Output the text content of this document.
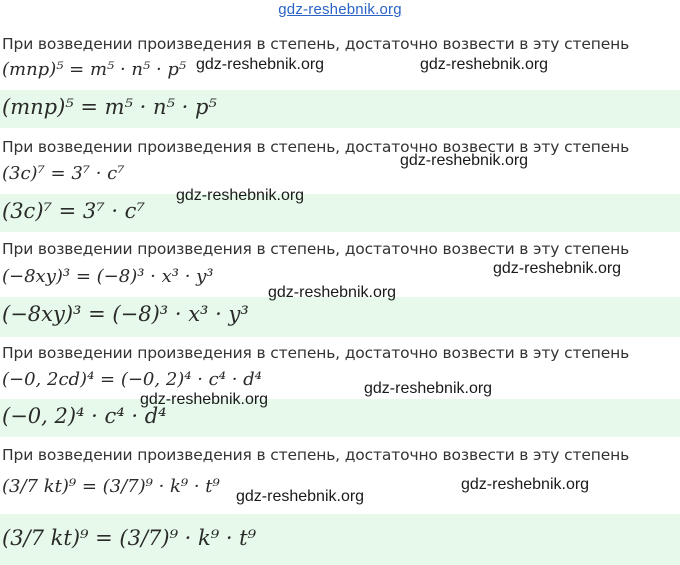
gdz-reshebnik.org
При возведении произведения в степень, достаточно возвести в эту степень
(mnp)⁵ = m⁵ · n⁵ · p⁵
(mnp)⁵ = m⁵ · n⁵ · p⁵
При возведении произведения в степень, достаточно возвести в эту степень
(3c)⁷ = 3⁷ · c⁷
(3c)⁷ = 3⁷ · c⁷
При возведении произведения в степень, достаточно возвести в эту степень
(−8xy)³ = (−8)³ · x³ · y³
(−8xy)³ = (−8)³ · x³ · y³
При возведении произведения в степень, достаточно возвести в эту степень
(−0, 2cd)⁴ = (−0, 2)⁴ · c⁴ · d⁴
(−0, 2)⁴ · c⁴ · d⁴
При возведении произведения в степень, достаточно возвести в эту степень
(3/7 kt)⁹ = (3/7)⁹ · k⁹ · t⁹
(3/7 kt)⁹ = (3/7)⁹ · k⁹ · t⁹
gdz-reshebnik.org	gdz-reshebnik.org
gdz-reshebnik.org
gdz-reshebnik.org
gdz-reshebnik.org
gdz-reshebnik.org
gdz-reshebnik.org
gdz-reshebnik.org
gdz-reshebnik.org
gdz-reshebnik.org
